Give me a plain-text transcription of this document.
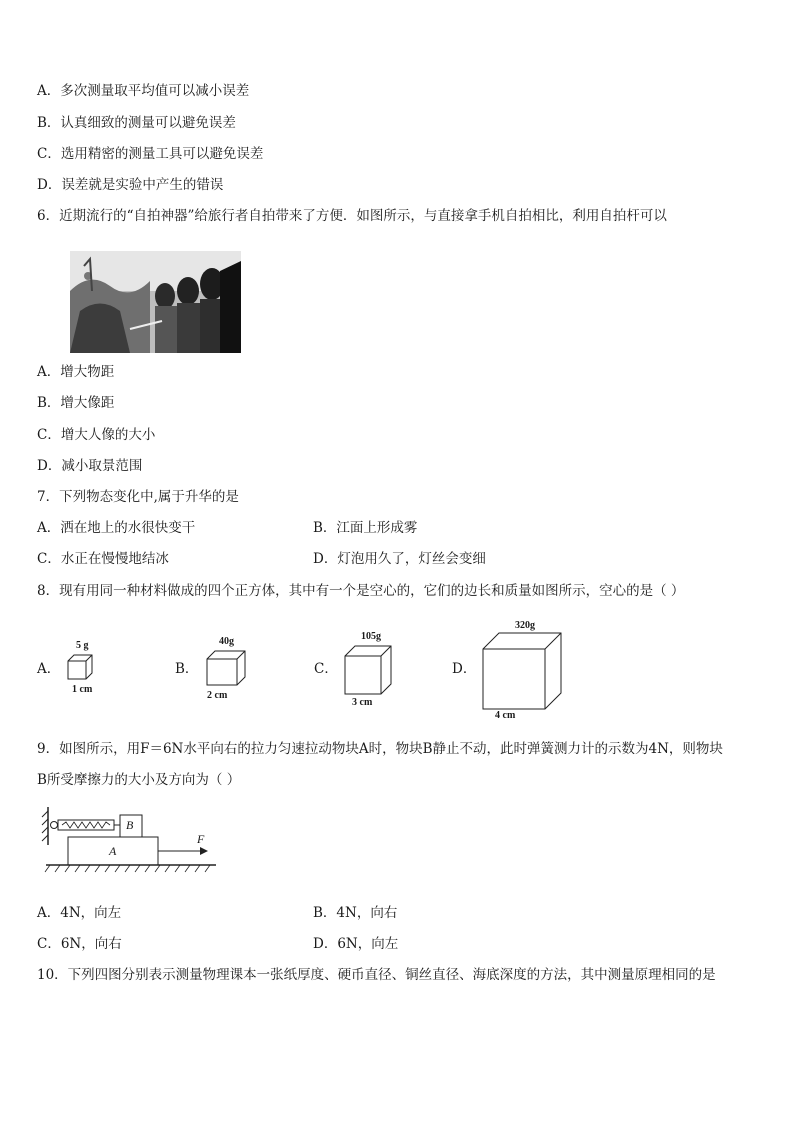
A．多次测量取平均值可以减小误差
B．认真细致的测量可以避免误差
C．选用精密的测量工具可以避免误差
D．误差就是实验中产生的错误
6．近期流行的“自拍神器”给旅行者自拍带来了方便．如图所示，与直接拿手机自拍相比，利用自拍杆可以
A．增大物距
B．增大像距
C．增大人像的大小
D．减小取景范围
7．下列物态变化中,属于升华的是
A．洒在地上的水很快变干	B．江面上形成雾
C．水正在慢慢地结冰	D．灯泡用久了，灯丝会变细
8．现有用同一种材料做成的四个正方体，其中有一个是空心的，它们的边长和质量如图所示，空心的是（ ）
A．
5 g
1 cm
B．
40g
2 cm
C．
105g
3 cm
D．
320g
4 cm
9．如图所示，用F＝6N水平向右的拉力匀速拉动物块A时，物块B静止不动，此时弹簧测力计的示数为4N，则物块
B所受摩擦力的大小及方向为（ ）
B
A
F
A．4N，向左	B．4N，向右
C．6N，向右	D．6N，向左
10．下列四图分别表示测量物理课本一张纸厚度、硬币直径、铜丝直径、海底深度的方法，其中测量原理相同的是
